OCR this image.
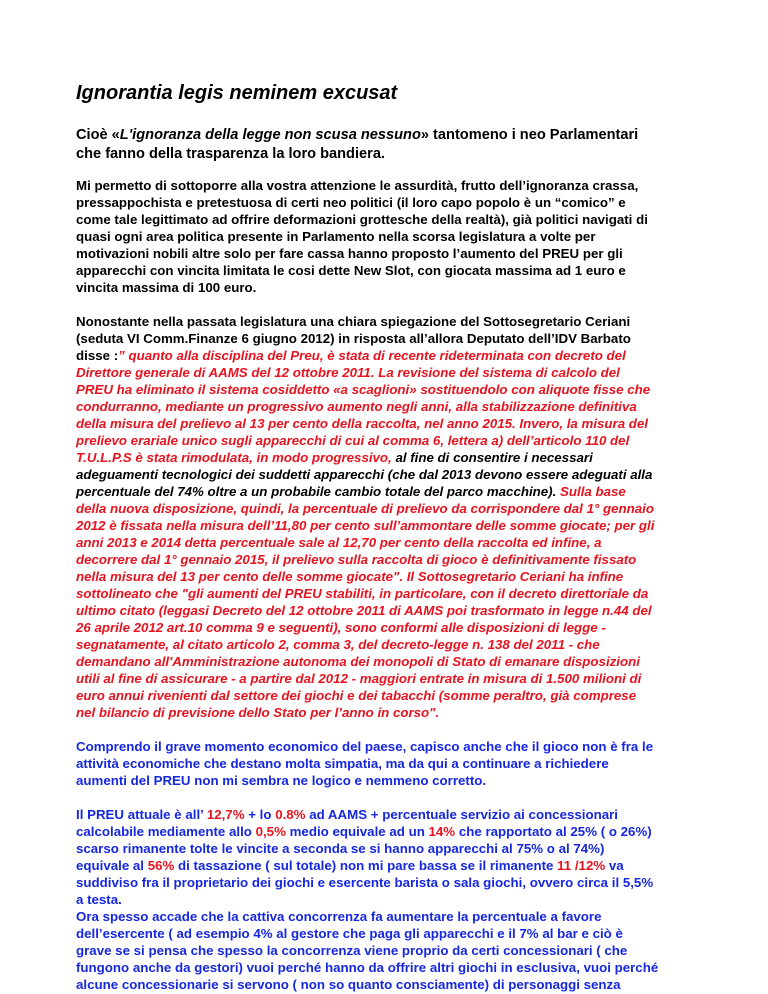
Ignorantia legis neminem excusat
Cioè «L'ignoranza della legge non scusa nessuno» tantomeno i neo Parlamentari
che fanno della trasparenza la loro bandiera.
Mi permetto di sottoporre alla vostra attenzione le assurdità, frutto dell’ignoranza crassa,
pressappochista e pretestuosa di certi neo politici (il loro capo popolo è un “comico” e
come tale legittimato ad offrire deformazioni grottesche della realtà), già politici navigati di
quasi ogni area politica presente in Parlamento nella scorsa legislatura a volte per
motivazioni nobili altre solo per fare cassa hanno proposto l’aumento del PREU per gli
apparecchi con vincita limitata le cosi dette New Slot, con giocata massima ad 1 euro e
vincita massima di 100 euro.
Nonostante nella passata legislatura una chiara spiegazione del Sottosegretario Ceriani
(seduta VI Comm.Finanze 6 giugno 2012) in risposta all’allora Deputato dell’IDV Barbato
disse :” quanto alla disciplina del Preu, è stata di recente rideterminata con decreto del
Direttore generale di AAMS del 12 ottobre 2011. La revisione del sistema di calcolo del
PREU ha eliminato il sistema cosiddetto «a scaglioni» sostituendolo con aliquote fisse che
condurranno, mediante un progressivo aumento negli anni, alla stabilizzazione definitiva
della misura del prelievo al 13 per cento della raccolta, nel anno 2015. Invero, la misura del
prelievo erariale unico sugli apparecchi di cui al comma 6, lettera a) dell’articolo 110 del
T.U.L.P.S è stata rimodulata, in modo progressivo, al fine di consentire i necessari
adeguamenti tecnologici dei suddetti apparecchi (che dal 2013 devono essere adeguati alla
percentuale del 74% oltre a un probabile cambio totale del parco macchine). Sulla base
della nuova disposizione, quindi, la percentuale di prelievo da corrispondere dal 1° gennaio
2012 è fissata nella misura dell’11,80 per cento sull’ammontare delle somme giocate; per gli
anni 2013 e 2014 detta percentuale sale al 12,70 per cento della raccolta ed infine, a
decorrere dal 1° gennaio 2015, il prelievo sulla raccolta di gioco è definitivamente fissato
nella misura del 13 per cento delle somme giocate". Il Sottosegretario Ceriani ha infine
sottolineato che "gli aumenti del PREU stabiliti, in particolare, con il decreto direttoriale da
ultimo citato (leggasi Decreto del 12 ottobre 2011 di AAMS poi trasformato in legge n.44 del
26 aprile 2012 art.10 comma 9 e seguenti), sono conformi alle disposizioni di legge -
segnatamente, al citato articolo 2, comma 3, del decreto-legge n. 138 del 2011 - che
demandano all'Amministrazione autonoma dei monopoli di Stato di emanare disposizioni
utili al fine di assicurare - a partire dal 2012 - maggiori entrate in misura di 1.500 milioni di
euro annui rivenienti dal settore dei giochi e dei tabacchi (somme peraltro, già comprese
nel bilancio di previsione dello Stato per l’anno in corso".
Comprendo il grave momento economico del paese, capisco anche che il gioco non è fra le
attività economiche che destano molta simpatia, ma da qui a continuare a richiedere
aumenti del PREU non mi sembra ne logico e nemmeno corretto.
Il PREU attuale è all’ 12,7% + lo 0.8% ad AAMS + percentuale servizio ai concessionari
calcolabile mediamente allo 0,5% medio equivale ad un 14% che rapportato al 25% ( o 26%)
scarso rimanente tolte le vincite a seconda se si hanno apparecchi al 75% o al 74%)
equivale al 56% di tassazione ( sul totale) non mi pare bassa se il rimanente 11 /12% va
suddiviso fra il proprietario dei giochi e esercente barista o sala giochi, ovvero circa il 5,5%
a testa.
Ora spesso accade che la cattiva concorrenza fa aumentare la percentuale a favore
dell’esercente ( ad esempio 4% al gestore che paga gli apparecchi e il 7% al bar e ciò è
grave se si pensa che spesso la concorrenza viene proprio da certi concessionari ( che
fungono anche da gestori) vuoi perché hanno da offrire altri giochi in esclusiva, vuoi perché
alcune concessionarie si servono ( non so quanto consciamente) di personaggi senza
